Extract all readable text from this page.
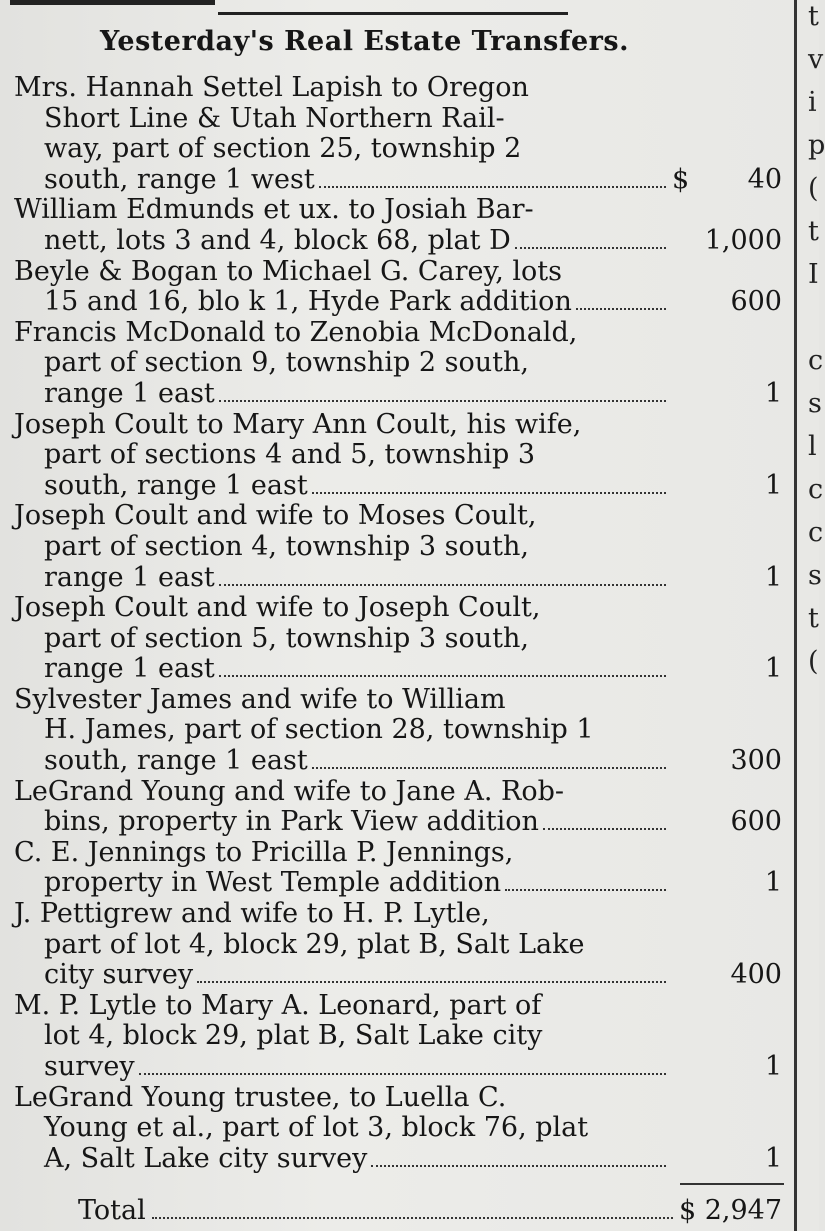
Yesterday's Real Estate Transfers.
Mrs. Hannah Settel Lapish to Oregon
Short Line & Utah Northern Rail-
way, part of section 25, township 2
south, range 1 west	$	40
William Edmunds et ux. to Josiah Bar-
nett, lots 3 and 4, block 68, plat D	1,000
Beyle & Bogan to Michael G. Carey, lots
15 and 16, blo k 1, Hyde Park addition	600
Francis McDonald to Zenobia McDonald,
part of section 9, township 2 south,
range 1 east	1
Joseph Coult to Mary Ann Coult, his wife,
part of sections 4 and 5, township 3
south, range 1 east	1
Joseph Coult and wife to Moses Coult,
part of section 4, township 3 south,
range 1 east	1
Joseph Coult and wife to Joseph Coult,
part of section 5, township 3 south,
range 1 east	1
Sylvester James and wife to William
H. James, part of section 28, township 1
south, range 1 east	300
LeGrand Young and wife to Jane A. Rob-
bins, property in Park View addition	600
C. E. Jennings to Pricilla P. Jennings,
property in West Temple addition	1
J. Pettigrew and wife to H. P. Lytle,
part of lot 4, block 29, plat B, Salt Lake
city survey	400
M. P. Lytle to Mary A. Leonard, part of
lot 4, block 29, plat B, Salt Lake city
survey	1
LeGrand Young trustee, to Luella C.
Young et al., part of lot 3, block 76, plat
A, Salt Lake city survey	1
Total	$ 2,947
t
v
i
p
(
t
I
c
s
l
c
c
s
t
(
